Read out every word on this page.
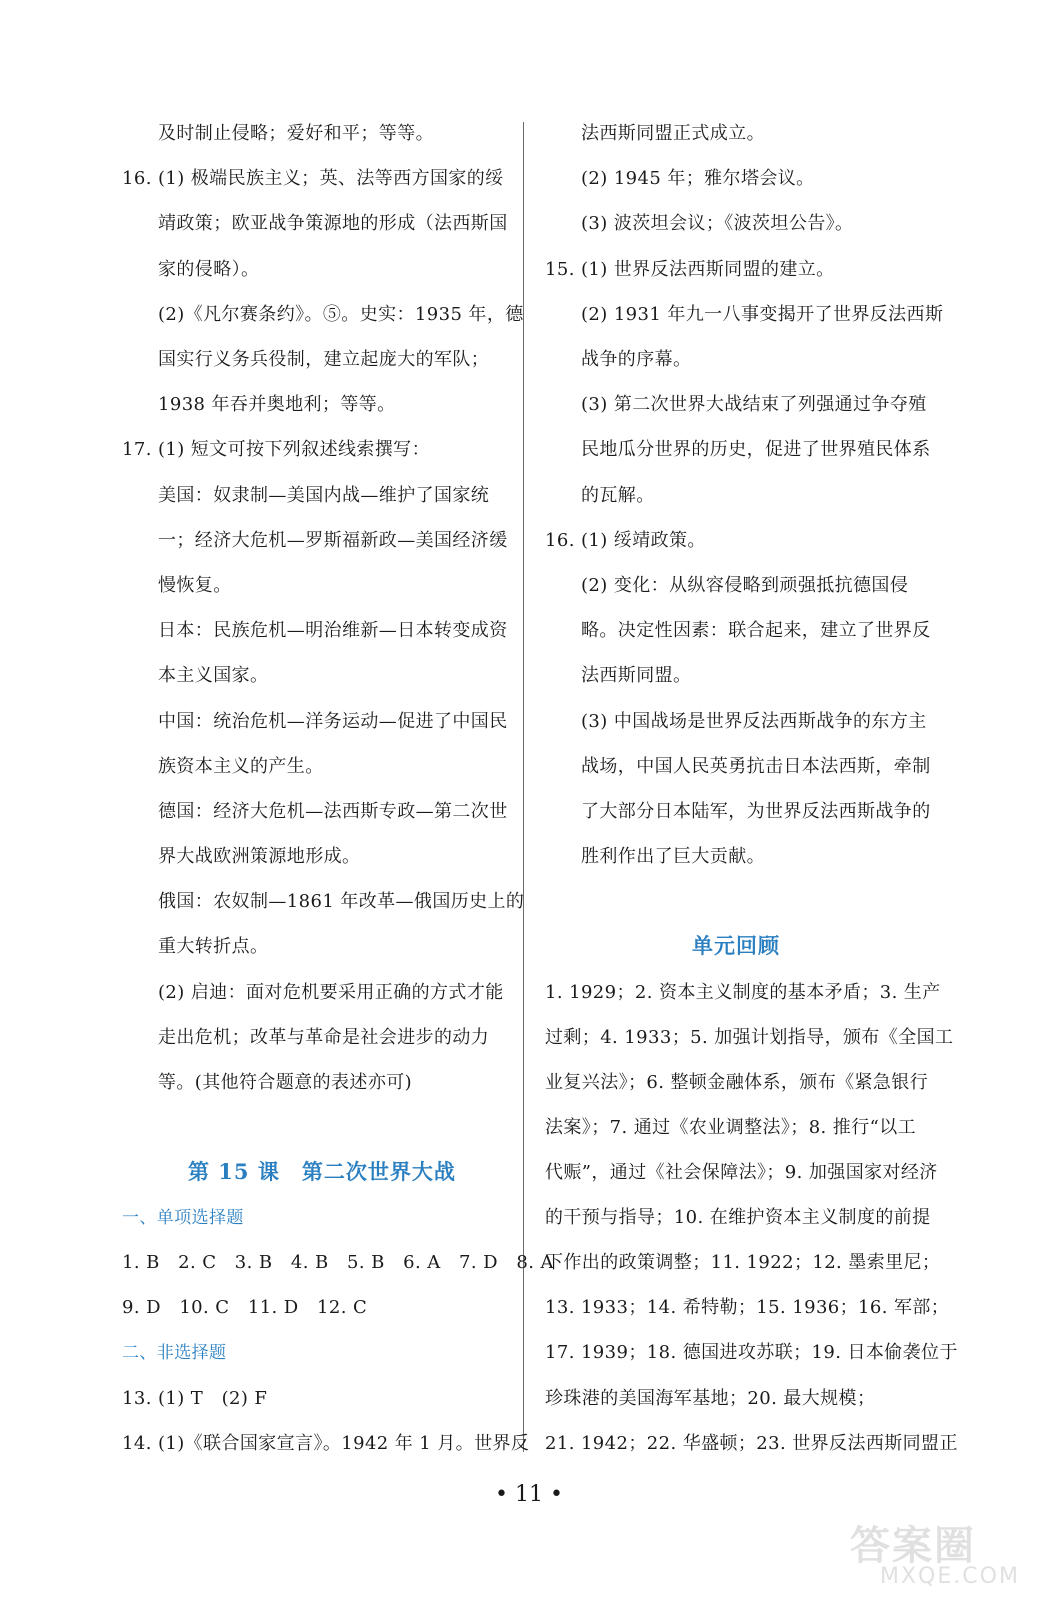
及时制止侵略；爱好和平；等等。
16. (1) 极端民族主义；英、法等西方国家的绥
靖政策；欧亚战争策源地的形成（法西斯国
家的侵略）。
(2)《凡尔赛条约》。⑤。史实：1935 年，德
国实行义务兵役制，建立起庞大的军队；
1938 年吞并奥地利；等等。
17. (1) 短文可按下列叙述线索撰写：
美国：奴隶制—美国内战—维护了国家统
一；经济大危机—罗斯福新政—美国经济缓
慢恢复。
日本：民族危机—明治维新—日本转变成资
本主义国家。
中国：统治危机—洋务运动—促进了中国民
族资本主义的产生。
德国：经济大危机—法西斯专政—第二次世
界大战欧洲策源地形成。
俄国：农奴制—1861 年改革—俄国历史上的
重大转折点。
(2) 启迪：面对危机要采用正确的方式才能
走出危机；改革与革命是社会进步的动力
等。(其他符合题意的表述亦可)
第 15 课　第二次世界大战
一、单项选择题
1. B　2. C　3. B　4. B　5. B　6. A　7. D　8. A
9. D　10. C　11. D　12. C
二、非选择题
13. (1) T　(2) F
14. (1)《联合国家宣言》。1942 年 1 月。世界反
法西斯同盟正式成立。
(2) 1945 年；雅尔塔会议。
(3) 波茨坦会议；《波茨坦公告》。
15. (1) 世界反法西斯同盟的建立。
(2) 1931 年九一八事变揭开了世界反法西斯
战争的序幕。
(3) 第二次世界大战结束了列强通过争夺殖
民地瓜分世界的历史，促进了世界殖民体系
的瓦解。
16. (1) 绥靖政策。
(2) 变化：从纵容侵略到顽强抵抗德国侵
略。决定性因素：联合起来，建立了世界反
法西斯同盟。
(3) 中国战场是世界反法西斯战争的东方主
战场，中国人民英勇抗击日本法西斯，牵制
了大部分日本陆军，为世界反法西斯战争的
胜利作出了巨大贡献。
单元回顾
1. 1929；2. 资本主义制度的基本矛盾；3. 生产
过剩；4. 1933；5. 加强计划指导，颁布《全国工
业复兴法》；6. 整顿金融体系，颁布《紧急银行
法案》；7. 通过《农业调整法》；8. 推行“以工
代赈”，通过《社会保障法》；9. 加强国家对经济
的干预与指导；10. 在维护资本主义制度的前提
下作出的政策调整；11. 1922；12. 墨索里尼；
13. 1933；14. 希特勒；15. 1936；16. 军部；
17. 1939；18. 德国进攻苏联；19. 日本偷袭位于
珍珠港的美国海军基地；20. 最大规模；
21. 1942；22. 华盛顿；23. 世界反法西斯同盟正
• 11 •
答案圈
MXQE.COM
